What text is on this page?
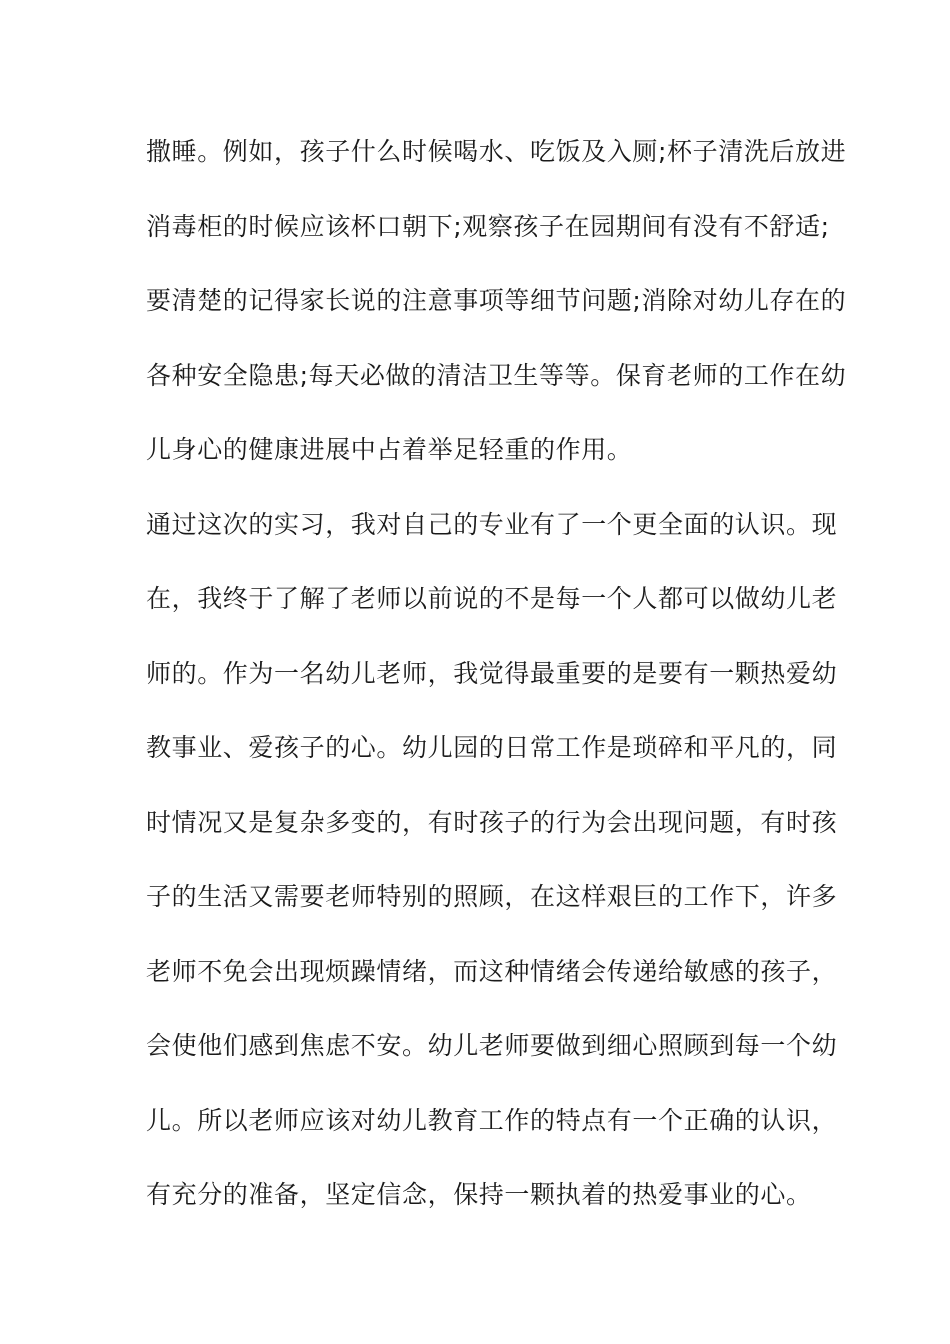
撒睡。例如，孩子什么时候喝水、吃饭及入厕;杯子清洗后放进
消毒柜的时候应该杯口朝下;观察孩子在园期间有没有不舒适;
要清楚的记得家长说的注意事项等细节问题;消除对幼儿存在的
各种安全隐患;每天必做的清洁卫生等等。保育老师的工作在幼
儿身心的健康进展中占着举足轻重的作用。
通过这次的实习，我对自己的专业有了一个更全面的认识。现
在，我终于了解了老师以前说的不是每一个人都可以做幼儿老
师的。作为一名幼儿老师，我觉得最重要的是要有一颗热爱幼
教事业、爱孩子的心。幼儿园的日常工作是琐碎和平凡的，同
时情况又是复杂多变的，有时孩子的行为会出现问题，有时孩
子的生活又需要老师特别的照顾，在这样艰巨的工作下，许多
老师不免会出现烦躁情绪，而这种情绪会传递给敏感的孩子，
会使他们感到焦虑不安。幼儿老师要做到细心照顾到每一个幼
儿。所以老师应该对幼儿教育工作的特点有一个正确的认识，
有充分的准备，坚定信念，保持一颗执着的热爱事业的心。
